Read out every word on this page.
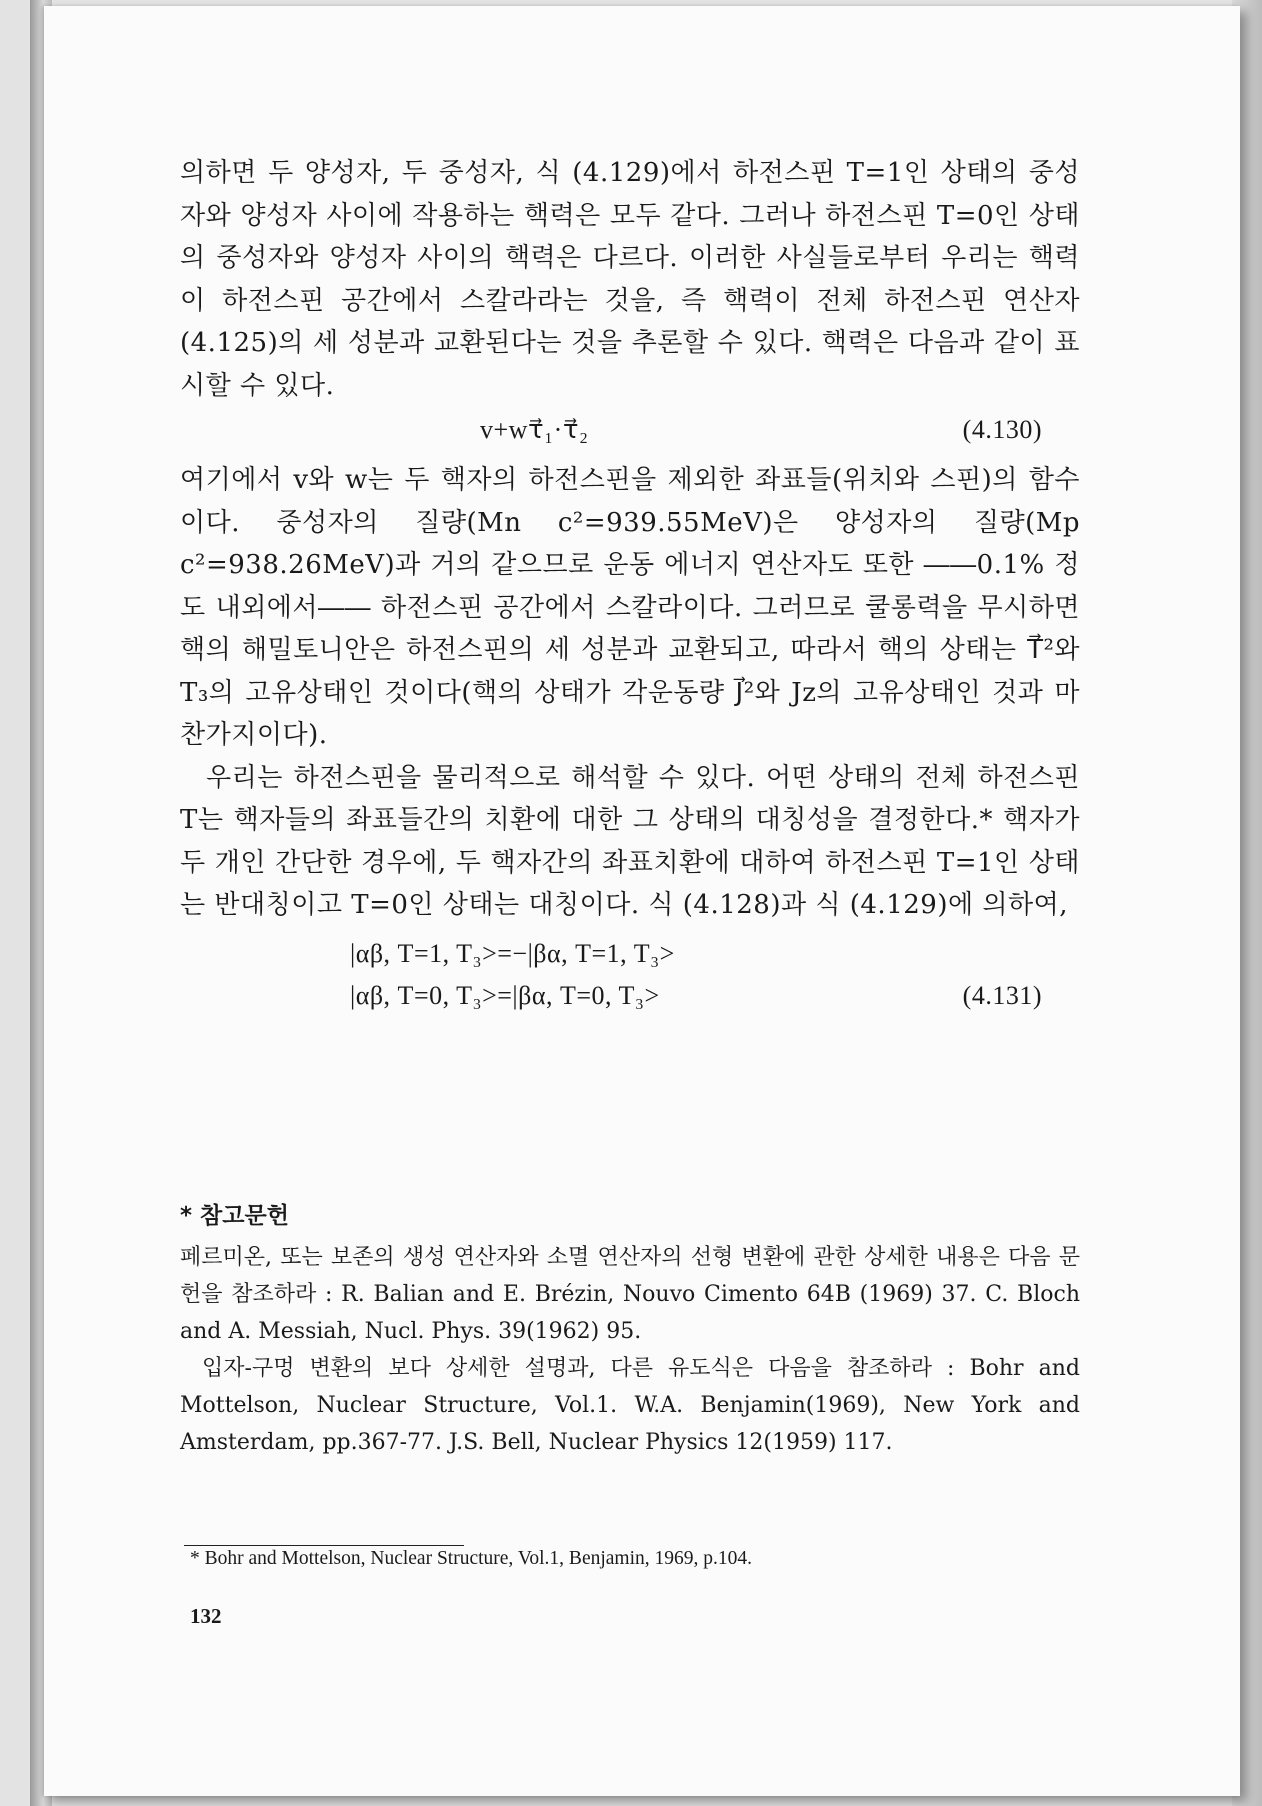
의하면 두 양성자, 두 중성자, 식 (4.129)에서 하전스핀 T=1인 상태의 중성자와 양성자 사이에 작용하는 핵력은 모두 같다. 그러나 하전스핀 T=0인 상태의 중성자와 양성자 사이의 핵력은 다르다. 이러한 사실들로부터 우리는 핵력이 하전스핀 공간에서 스칼라라는 것을, 즉 핵력이 전체 하전스핀 연산자 (4.125)의 세 성분과 교환된다는 것을 추론할 수 있다. 핵력은 다음과 같이 표시할 수 있다.

v+wτ⃗₁·τ⃗₂	(4.130)

여기에서 v와 w는 두 핵자의 하전스핀을 제외한 좌표들(위치와 스핀)의 함수이다. 중성자의 질량(Mn c²=939.55MeV)은 양성자의 질량(Mp c²=938.26MeV)과 거의 같으므로 운동 에너지 연산자도 또한 ――0.1% 정도 내외에서―― 하전스핀 공간에서 스칼라이다. 그러므로 쿨롱력을 무시하면 핵의 해밀토니안은 하전스핀의 세 성분과 교환되고, 따라서 핵의 상태는 T⃗²와 T₃의 고유상태인 것이다(핵의 상태가 각운동량 J⃗²와 Jz의 고유상태인 것과 마찬가지이다).

우리는 하전스핀을 물리적으로 해석할 수 있다. 어떤 상태의 전체 하전스핀 T는 핵자들의 좌표들간의 치환에 대한 그 상태의 대칭성을 결정한다.* 핵자가 두 개인 간단한 경우에, 두 핵자간의 좌표치환에 대하여 하전스핀 T=1인 상태는 반대칭이고 T=0인 상태는 대칭이다. 식 (4.128)과 식 (4.129)에 의하여,

|αβ, T=1, T₃>=−|βα, T=1, T₃>
|αβ, T=0, T₃>=|βα, T=0, T₃>	(4.131)
* 참고문헌

페르미온, 또는 보존의 생성 연산자와 소멸 연산자의 선형 변환에 관한 상세한 내용은 다음 문헌을 참조하라 : R. Balian and E. Brézin, Nouvo Cimento 64B (1969) 37. C. Bloch and A. Messiah, Nucl. Phys. 39(1962) 95.

입자-구멍 변환의 보다 상세한 설명과, 다른 유도식은 다음을 참조하라 : Bohr and Mottelson, Nuclear Structure, Vol.1. W.A. Benjamin(1969), New York and Amsterdam, pp.367-77. J.S. Bell, Nuclear Physics 12(1959) 117.

* Bohr and Mottelson, Nuclear Structure, Vol.1, Benjamin, 1969, p.104.
132
